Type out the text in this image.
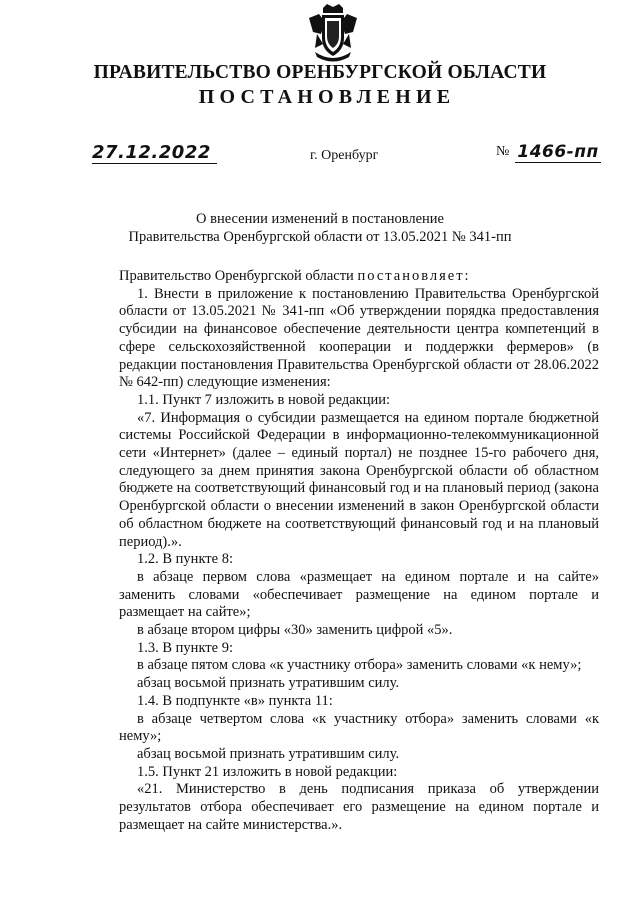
ПРАВИТЕЛЬСТВО ОРЕНБУРГСКОЙ ОБЛАСТИ
ПОСТАНОВЛЕНИЕ
27.12.2022	г. Оренбург	№ 1466-пп
О внесении изменений в постановление
Правительства Оренбургской области от 13.05.2021 № 341-пп

Правительство Оренбургской области постановляет:

1. Внести в приложение к постановлению Правительства Оренбургской области от 13.05.2021 № 341-пп «Об утверждении порядка предоставления субсидии на финансовое обеспечение деятельности центра компетенций в сфере сельскохозяйственной кооперации и поддержки фермеров» (в редакции постановления Правительства Оренбургской области от 28.06.2022 № 642-пп) следующие изменения:

1.1. Пункт 7 изложить в новой редакции:

«7. Информация о субсидии размещается на едином портале бюджетной системы Российской Федерации в информационно-телекоммуникационной сети «Интернет» (далее – единый портал) не позднее 15-го рабочего дня, следующего за днем принятия закона Оренбургской области об областном бюджете на соответствующий финансовый год и на плановый период (закона Оренбургской области о внесении изменений в закон Оренбургской области об областном бюджете на соответствующий финансовый год и на плановый период).».

1.2. В пункте 8:

в абзаце первом слова «размещает на едином портале и на сайте» заменить словами «обеспечивает размещение на едином портале и размещает на сайте»;

в абзаце втором цифры «30» заменить цифрой «5».

1.3. В пункте 9:

в абзаце пятом слова «к участнику отбора» заменить словами «к нему»;

абзац восьмой признать утратившим силу.

1.4. В подпункте «в» пункта 11:

в абзаце четвертом слова «к участнику отбора» заменить словами «к нему»;

абзац восьмой признать утратившим силу.

1.5. Пункт 21 изложить в новой редакции:

«21. Министерство в день подписания приказа об утверждении результатов отбора обеспечивает его размещение на едином портале и размещает на сайте министерства.».
